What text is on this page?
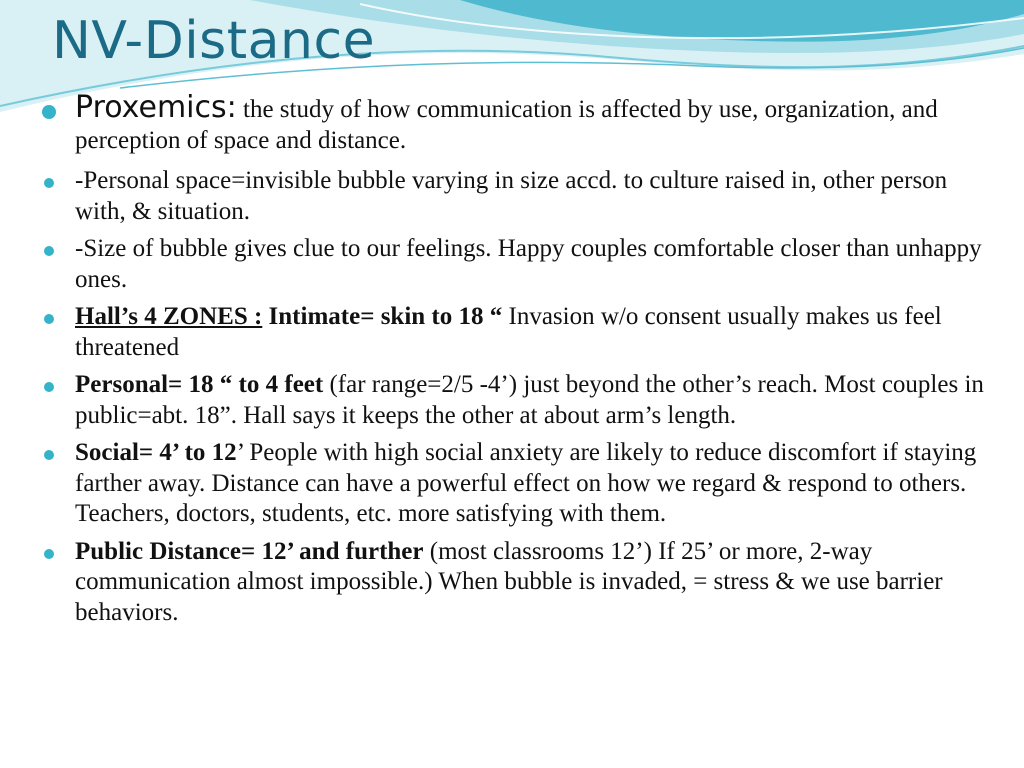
NV-Distance
Proxemics: the study of how communication is affected by use, organization, and perception of space and distance.
-Personal space=invisible bubble varying in size accd. to culture raised in, other person with, & situation.
-Size of bubble gives clue to our feelings. Happy couples comfortable closer than unhappy ones.
Hall’s 4 ZONES : Intimate= skin to 18 “ Invasion w/o consent usually makes us feel threatened
Personal= 18 “ to 4 feet (far range=2/5 -4’) just beyond the other’s reach. Most couples in public=abt. 18”. Hall says it keeps the other at about arm’s length.
Social= 4’ to 12’ People with high social anxiety are likely to reduce discomfort if staying farther away. Distance can have a powerful effect on how we regard & respond to others. Teachers, doctors, students, etc. more satisfying with them.
Public Distance= 12’ and further (most classrooms 12’) If 25’ or more, 2-way communication almost impossible.) When bubble is invaded, = stress & we use barrier behaviors.
